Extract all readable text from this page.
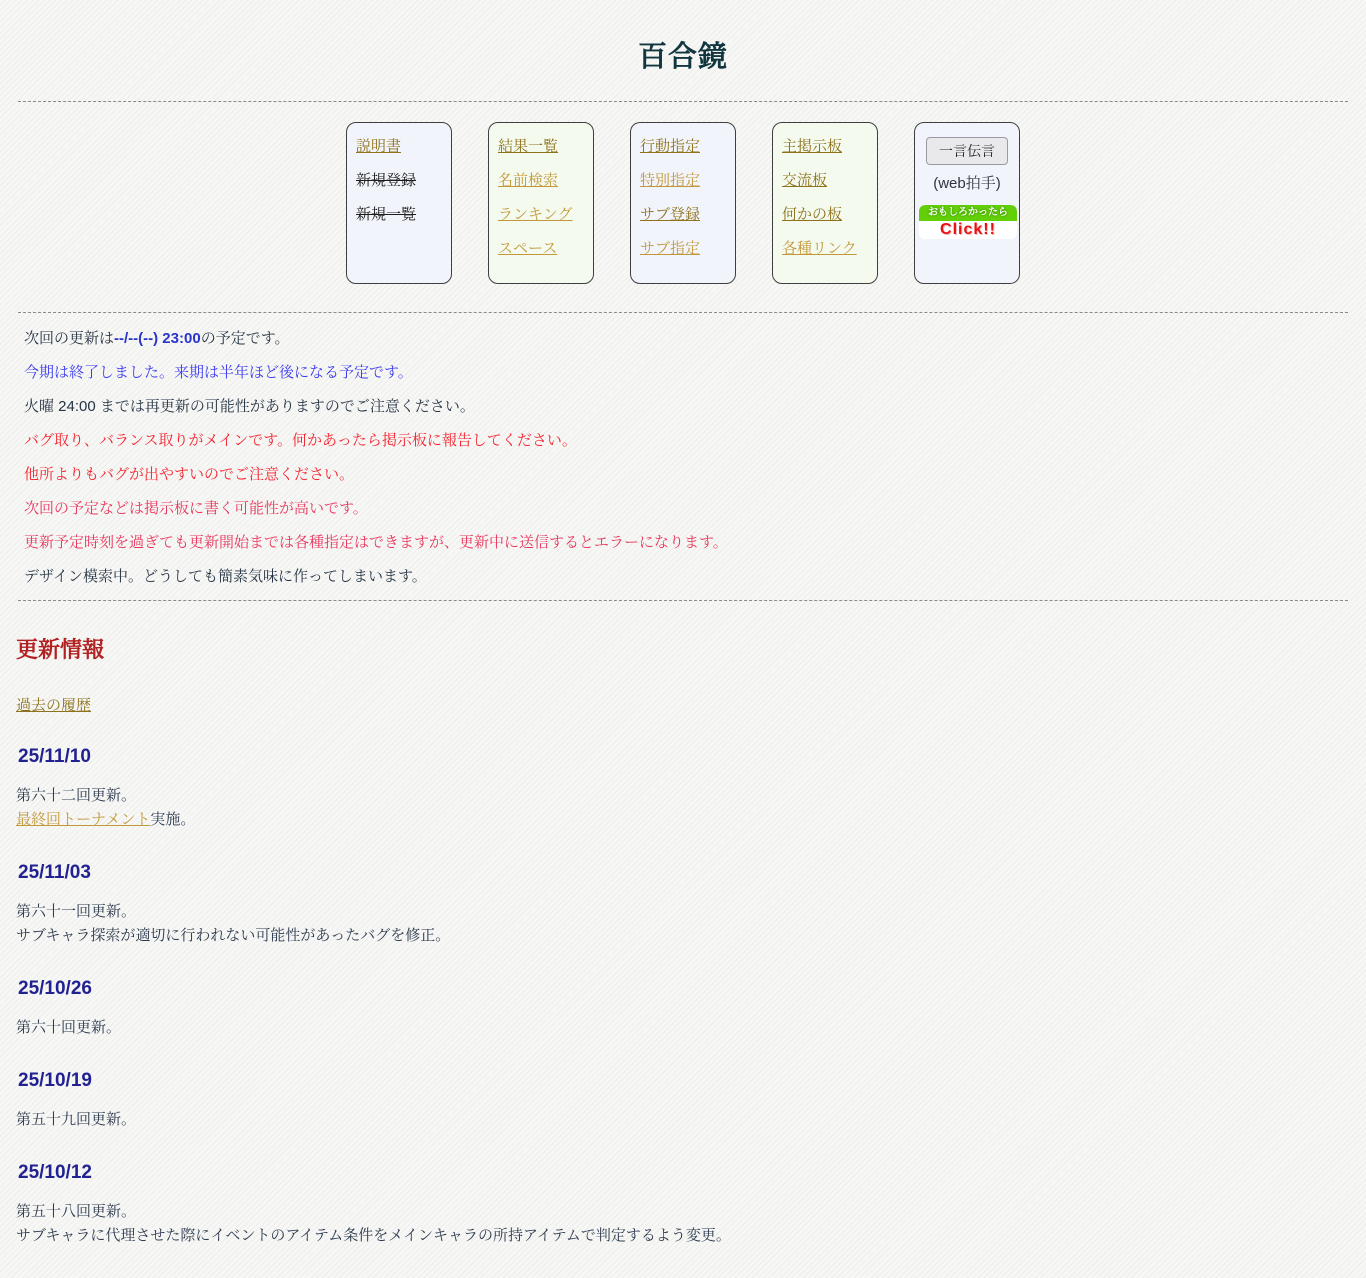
百合鏡
説明書
新規登録
新規一覧
結果一覧
名前検索
ランキング
スペース
行動指定
特別指定
サブ登録
サブ指定
主掲示板
交流板
何かの板
各種リンク
一言伝言
(web拍手)
おもしろかったら
Click!!

次回の更新は--/--(--) 23:00の予定です。

今期は終了しました。来期は半年ほど後になる予定です。

火曜 24:00 までは再更新の可能性がありますのでご注意ください。

バグ取り、バランス取りがメインです。何かあったら掲示板に報告してください。

他所よりもバグが出やすいのでご注意ください。

次回の予定などは掲示板に書く可能性が高いです。

更新予定時刻を過ぎても更新開始までは各種指定はできますが、更新中に送信するとエラーになります。

デザイン模索中。どうしても簡素気味に作ってしまいます。

更新情報
過去の履歴
25/11/10

第六十二回更新。

最終回トーナメント実施。

25/11/03

第六十一回更新。

サブキャラ探索が適切に行われない可能性があったバグを修正。

25/10/26

第六十回更新。

25/10/19

第五十九回更新。

25/10/12

第五十八回更新。

サブキャラに代理させた際にイベントのアイテム条件をメインキャラの所持アイテムで判定するよう変更。
